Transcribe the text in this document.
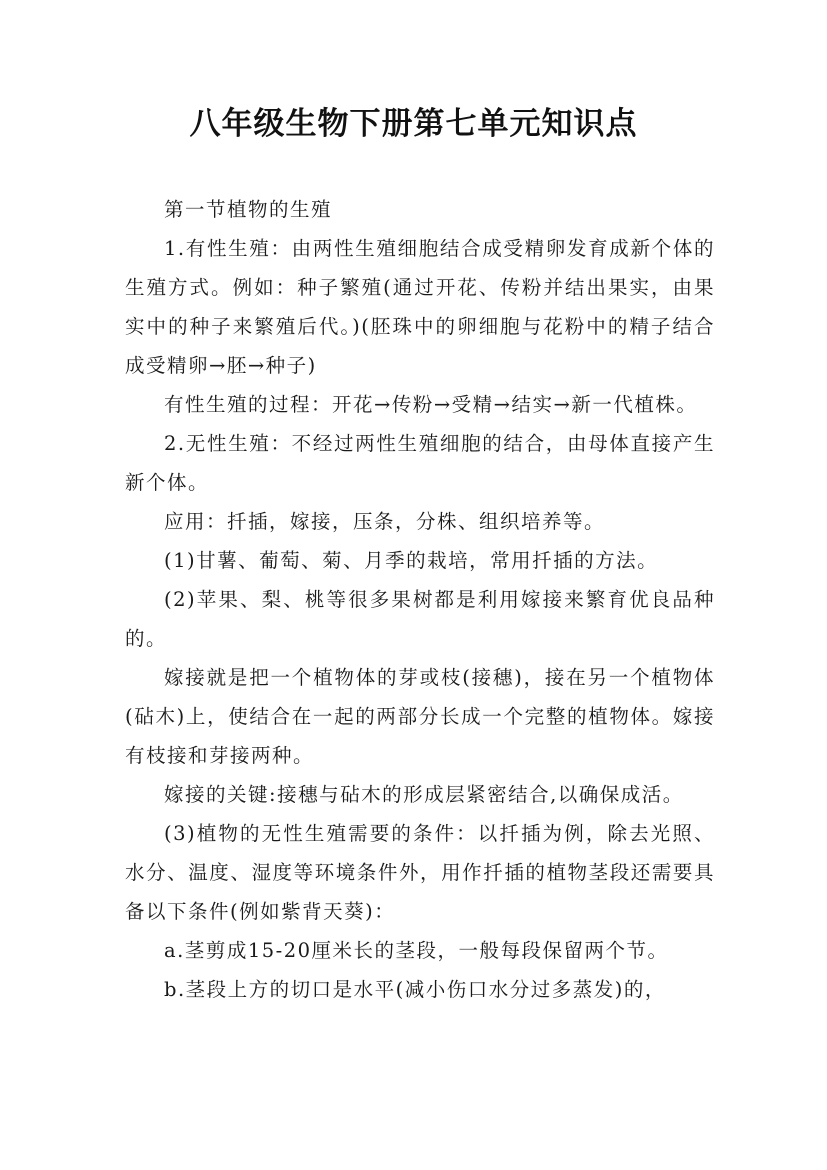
八年级生物下册第七单元知识点

第一节植物的生殖

1.有性生殖：由两性生殖细胞结合成受精卵发育成新个体的生殖方式。例如：种子繁殖(通过开花、传粉并结出果实，由果实中的种子来繁殖后代。)(胚珠中的卵细胞与花粉中的精子结合成受精卵→胚→种子)

有性生殖的过程：开花→传粉→受精→结实→新一代植株。

2.无性生殖：不经过两性生殖细胞的结合，由母体直接产生新个体。

应用：扦插，嫁接，压条，分株、组织培养等。

(1)甘薯、葡萄、菊、月季的栽培，常用扦插的方法。

(2)苹果、梨、桃等很多果树都是利用嫁接来繁育优良品种的。

嫁接就是把一个植物体的芽或枝(接穗)，接在另一个植物体(砧木)上，使结合在一起的两部分长成一个完整的植物体。嫁接有枝接和芽接两种。

嫁接的关键:接穗与砧木的形成层紧密结合,以确保成活。

(3)植物的无性生殖需要的条件：以扦插为例，除去光照、水分、温度、湿度等环境条件外，用作扦插的植物茎段还需要具备以下条件(例如紫背天葵)：

a.茎剪成15-20厘米长的茎段，一般每段保留两个节。

b.茎段上方的切口是水平(减小伤口水分过多蒸发)的，
